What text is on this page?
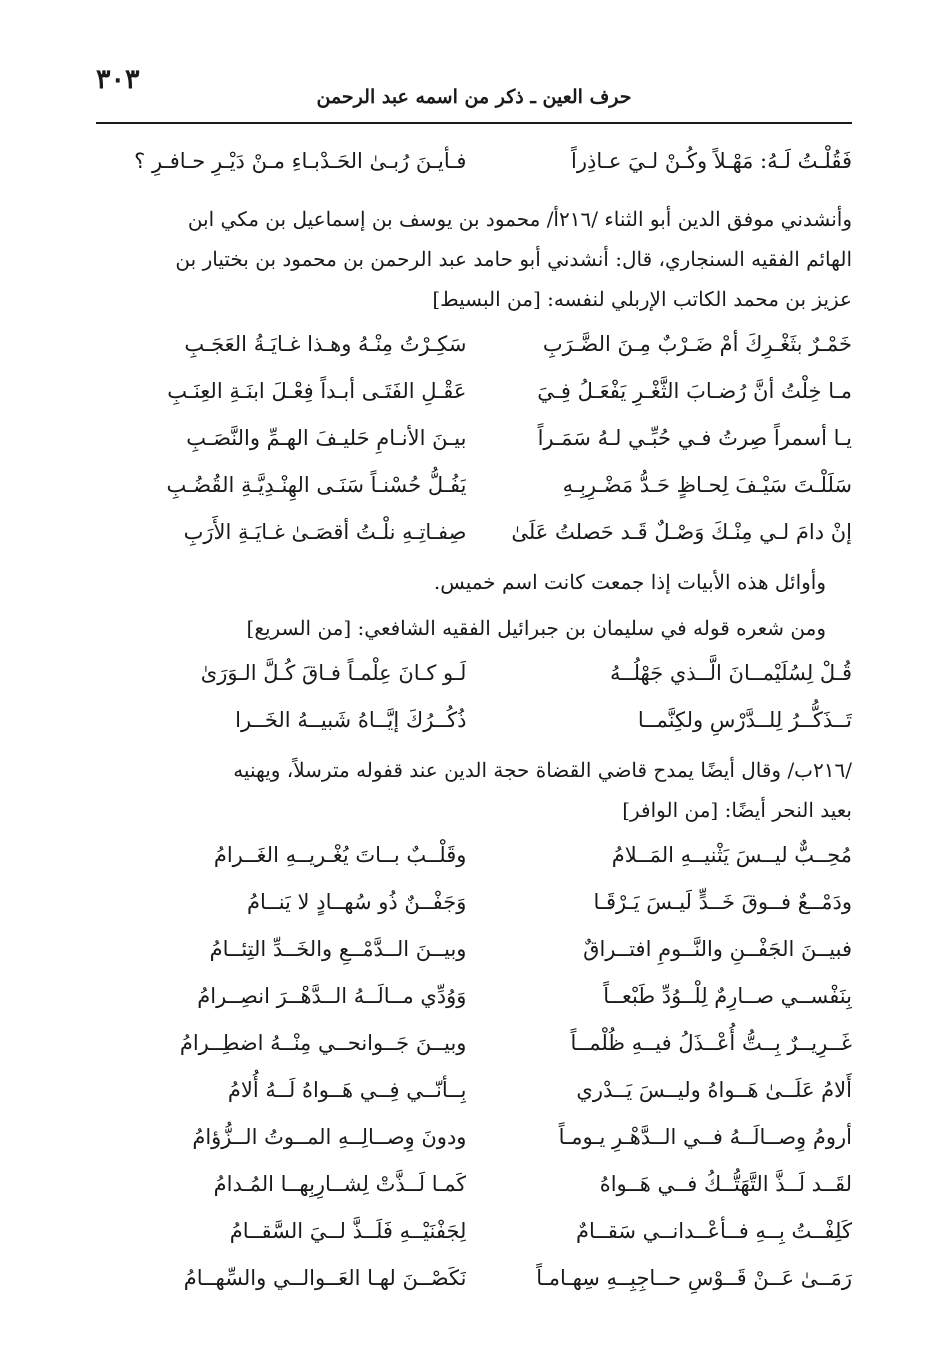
حرف العين ـ ذكر من اسمه عبد الرحمن
٣٠٣
فَقُلْـتُ لَـهُ: مَهْـلاً وكُـنْ لـيَ عـاذِراً
فـأيـنَ رُبـىٰ الحَـدْبـاءِ مـنْ دَيْـرِ حـافـرِ ؟
وأنشدني موفق الدين أبو الثناء /٢١٦أ/ محمود بن يوسف بن إسماعيل بن مكي ابن
الهائم الفقيه السنجاري، قال: أنشدني أبو حامد عبد الرحمن بن محمود بن بختيار بن
عزيز بن محمد الكاتب الإربلي لنفسه: [من البسيط]
خَمْـرٌ بثَغْـرِكَ أمْ ضَـرْبٌ مِـنَ الضَّـرَبِ
سَكِـرْتُ مِنْـهُ وهـذا غـايَـةُ العَجَـبِ
مـا خِلْتُ أنَّ رُضـابَ الثَّغْـرِ يَفْعَـلُ فِـيَ
عَقْـلِ الفَتَـى أبـداً فِعْـلَ ابنَـةِ العِنَـبِ
يـا أسمراً صِرتُ فـي حُبِّـي لـهُ سَمَـراً
بيـنَ الأنـامِ حَليـفَ الهـمِّ والنَّصَـبِ
سَلَلْـتَ سَيْـفَ لِحـاظٍ حَـدُّ مَضْـرِبِـهِ
يَفُـلُّ حُسْنـاً سَنَـى الهِنْـدِيَّـةِ القُضُـبِ
إنْ دامَ لـي مِنْـكَ وَصْـلٌ قَـد حَصلتُ عَلَىٰ
صِفـاتِـهِ نلْـتُ أقصَـىٰ غـايَـةِ الأَرَبِ
وأوائل هذه الأبيات إذا جمعت كانت اسم خميس.
ومن شعره قوله في سليمان بن جبرائيل الفقيه الشافعي: [من السريع]
قُـلْ لِسُلَيْمــانَ الَّــذي جَهْلُــهُ
لَـو كـانَ عِلْمـاً فـاقَ كُـلَّ الـوَرَىٰ
تَــذَكُّــرُ لِلــدَّرْسِ ولكِنَّمــا
ذُكُــرُكَ إيَّــاهُ شَبيــهُ الخَــرا
/٢١٦ب/ وقال أيضًا يمدح قاضي القضاة حجة الدين عند قفوله مترسلاً، ويهنيه
بعيد النحر أيضًا: [من الوافر]
مُحِــبٌّ ليــسَ يَثْنيــهِ المَــلامُ
وقَلْــبٌ بــاتَ يُغْـريــهِ الغَــرامُ
ودَمْــعٌ فــوقَ خَــدٍّ لَيـسَ يَـرْقَـا
وَجَفْــنٌ ذُو سُهــادٍ لا يَنــامُ
فبيــنَ الجَفْــنِ والنَّــومِ افتــراقٌ
وبيــنَ الــدَّمْــعِ والخَــدِّ التِئــامُ
بِنَفْســي صــارِمٌ لِلْــوُدِّ طَبْعــاً
وَوُدِّي مــالَــهُ الــدَّهْــرَ انصِــرامُ
غَــرِيــرٌ بِــتُّ أُعْــذَلُ فيــهِ ظُلْمــاً
وبيــنَ جَــوانحــي مِنْــهُ اضطِــرامُ
أَلامُ عَلَــىٰ هَــواهُ وليــسَ يَــدْري
بِــأنّــي فِــي هَــواهُ لَــهُ أُلامُ
أرومُ وِصــالَــهُ فــي الــدَّهْـرِ يـومـاً
ودونَ وِصــالِــهِ المــوتُ الــزُّؤامُ
لقَــد لَــذَّ التَّهَتُّــكُ فــي هَــواهُ
كَمـا لَــذَّتْ لِشــارِبِهــا المُـدامُ
كَلِفْــتُ بِــهِ فــأعْــدانــي سَقــامٌ
لِجَفْنَيْــهِ فَلَــذَّ لــيَ السَّقــامُ
رَمَــىٰ عَــنْ قَــوْسِ حــاجِبِــهِ سِهـامـاً
نَكَصْــنَ لهـا العَــوالــي والسِّهــامُ
